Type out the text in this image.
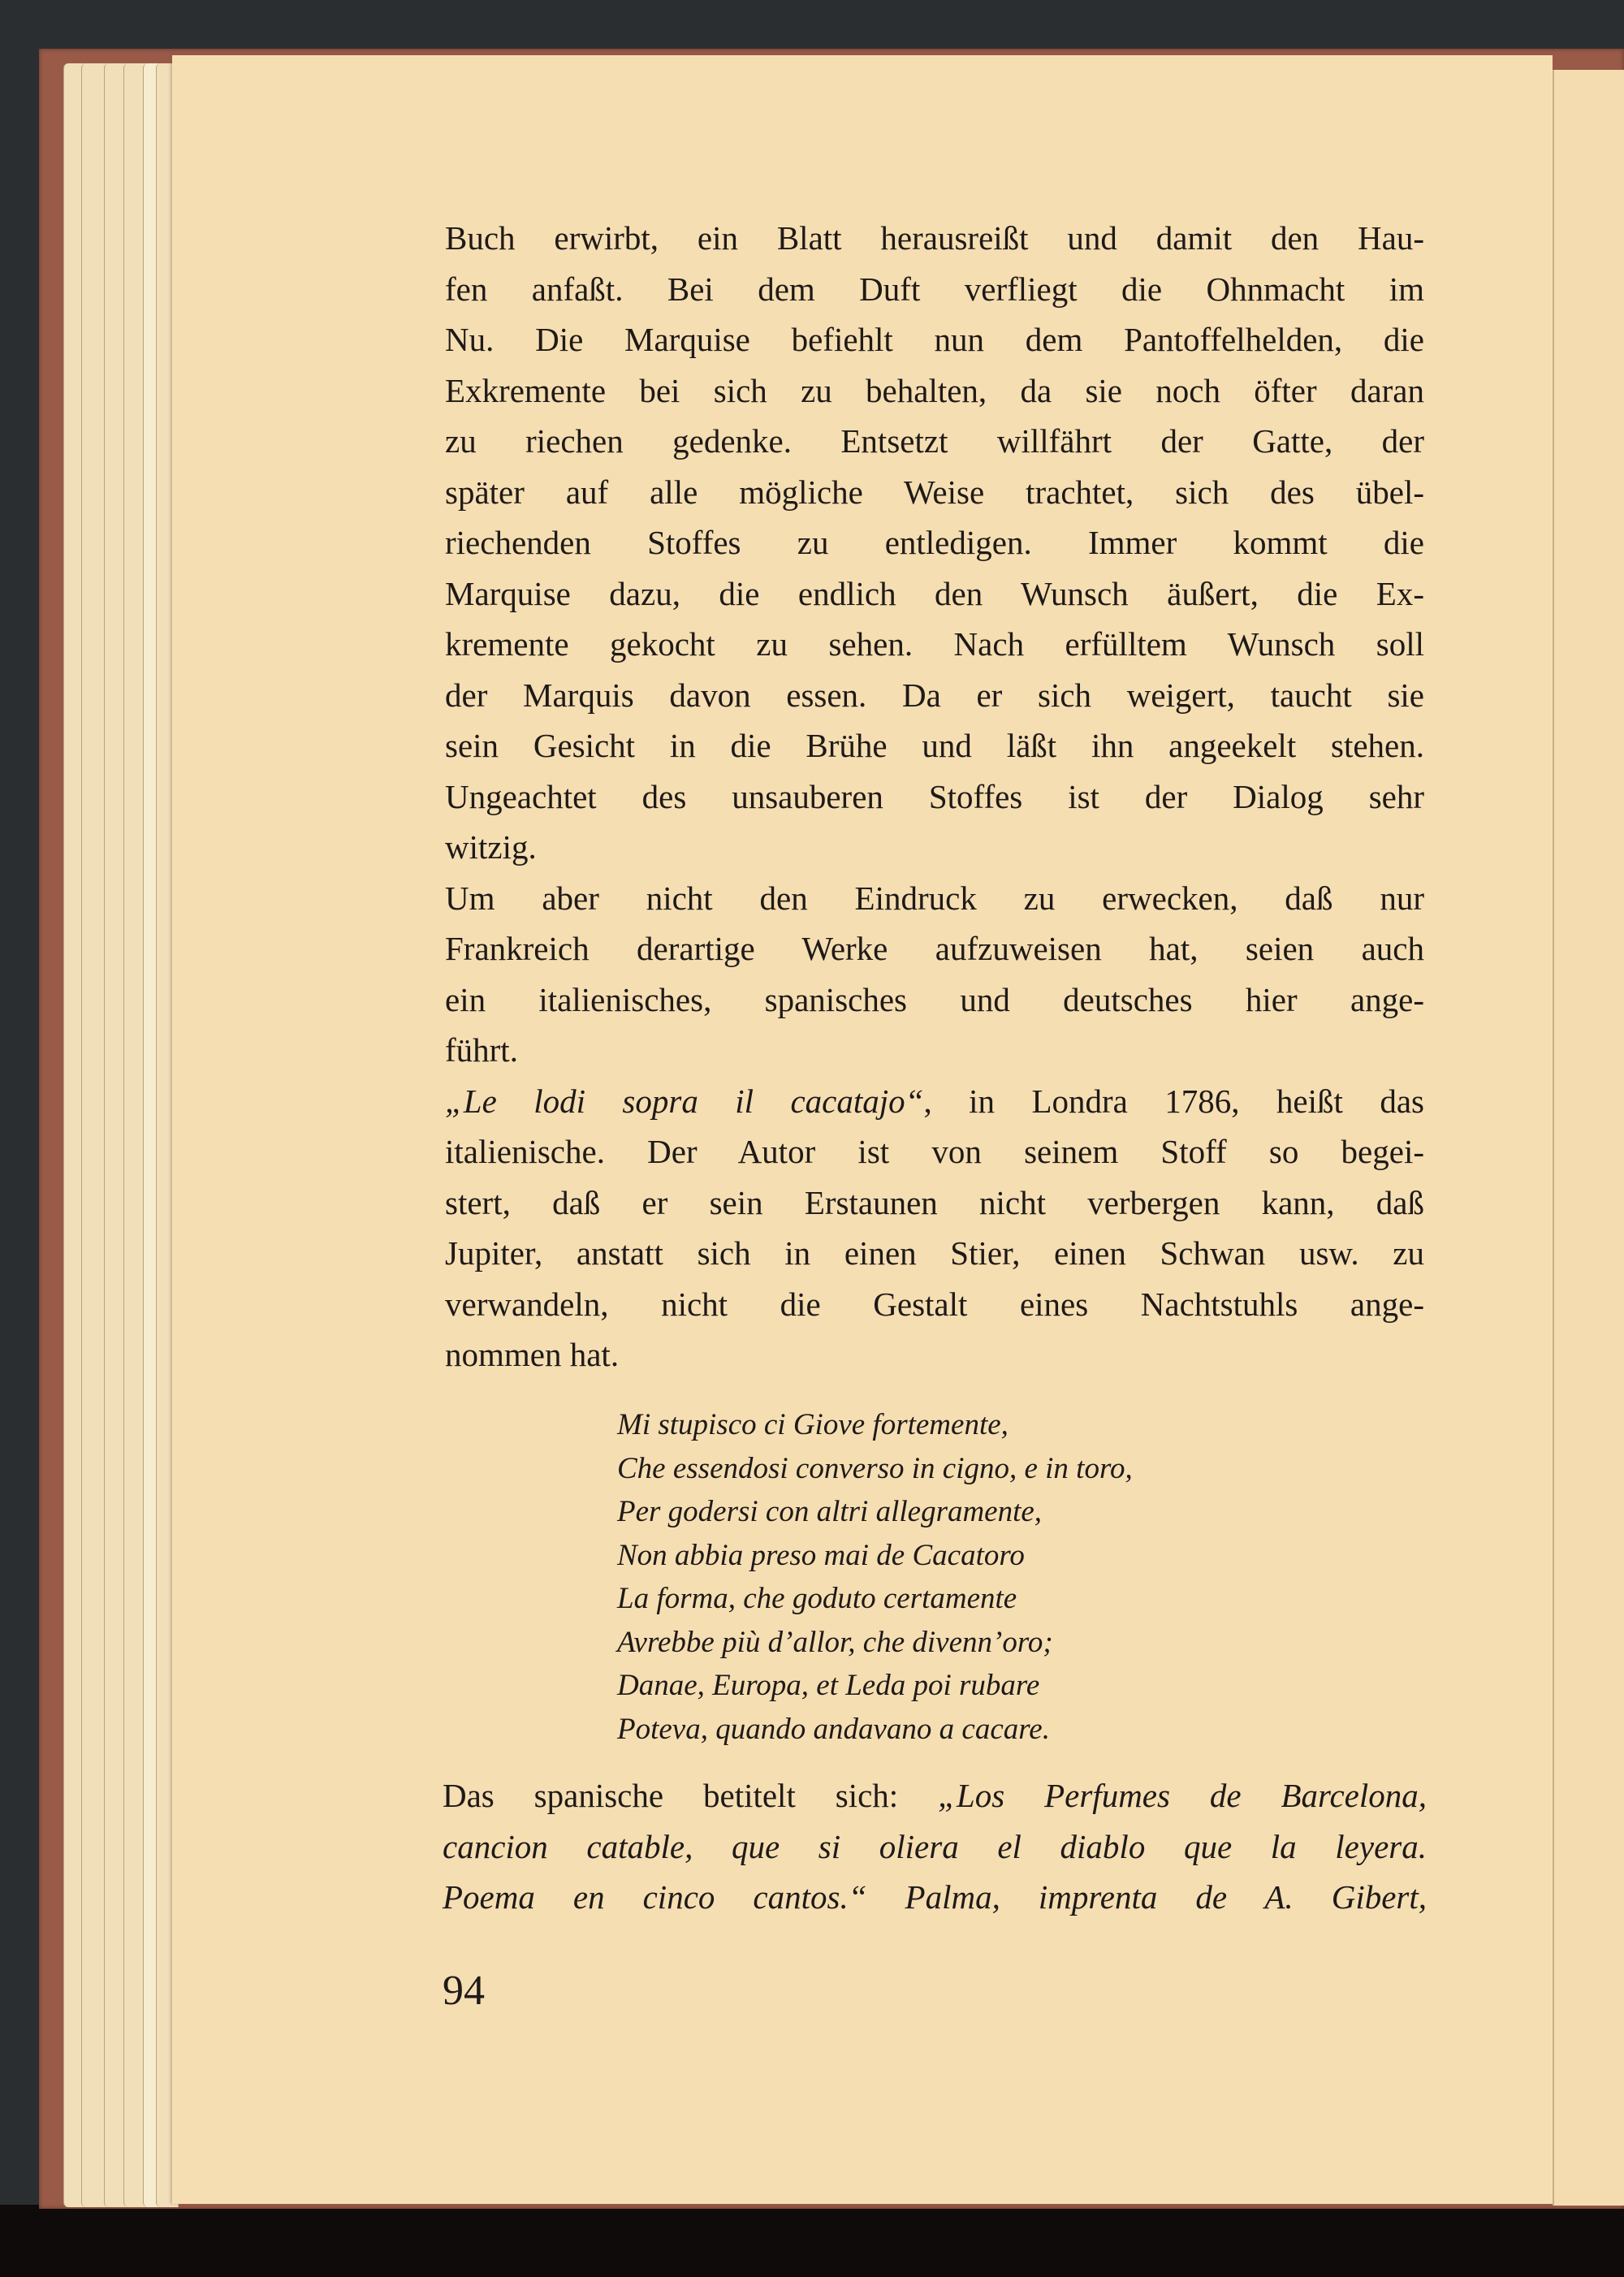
Buch erwirbt, ein Blatt herausreißt und damit den Hau-
fen anfaßt. Bei dem Duft verfliegt die Ohnmacht im
Nu. Die Marquise befiehlt nun dem Pantoffelhelden, die
Exkremente bei sich zu behalten, da sie noch öfter daran
zu riechen gedenke. Entsetzt willfährt der Gatte, der
später auf alle mögliche Weise trachtet, sich des übel-
riechenden Stoffes zu entledigen. Immer kommt die
Marquise dazu, die endlich den Wunsch äußert, die Ex-
kremente gekocht zu sehen. Nach erfülltem Wunsch soll
der Marquis davon essen. Da er sich weigert, taucht sie
sein Gesicht in die Brühe und läßt ihn angeekelt stehen.
Ungeachtet des unsauberen Stoffes ist der Dialog sehr
witzig.

Um aber nicht den Eindruck zu erwecken, daß nur
Frankreich derartige Werke aufzuweisen hat, seien auch
ein italienisches, spanisches und deutsches hier ange-
führt.

„Le lodi sopra il cacatajo“, in Londra 1786, heißt das
italienische. Der Autor ist von seinem Stoff so begei-
stert, daß er sein Erstaunen nicht verbergen kann, daß
Jupiter, anstatt sich in einen Stier, einen Schwan usw. zu
verwandeln, nicht die Gestalt eines Nachtstuhls ange-
nommen hat.

Mi stupisco ci Giove fortemente,
Che essendosi converso in cigno, e in toro,
Per godersi con altri allegramente,
Non abbia preso mai de Cacatoro
La forma, che goduto certamente
Avrebbe più d’allor, che divenn’oro;
Danae, Europa, et Leda poi rubare
Poteva, quando andavano a cacare.
Das spanische betitelt sich: „Los Perfumes de Barcelona,
cancion catable, que si oliera el diablo que la leyera.
Poema en cinco cantos.“ Palma, imprenta de A. Gibert,
94
